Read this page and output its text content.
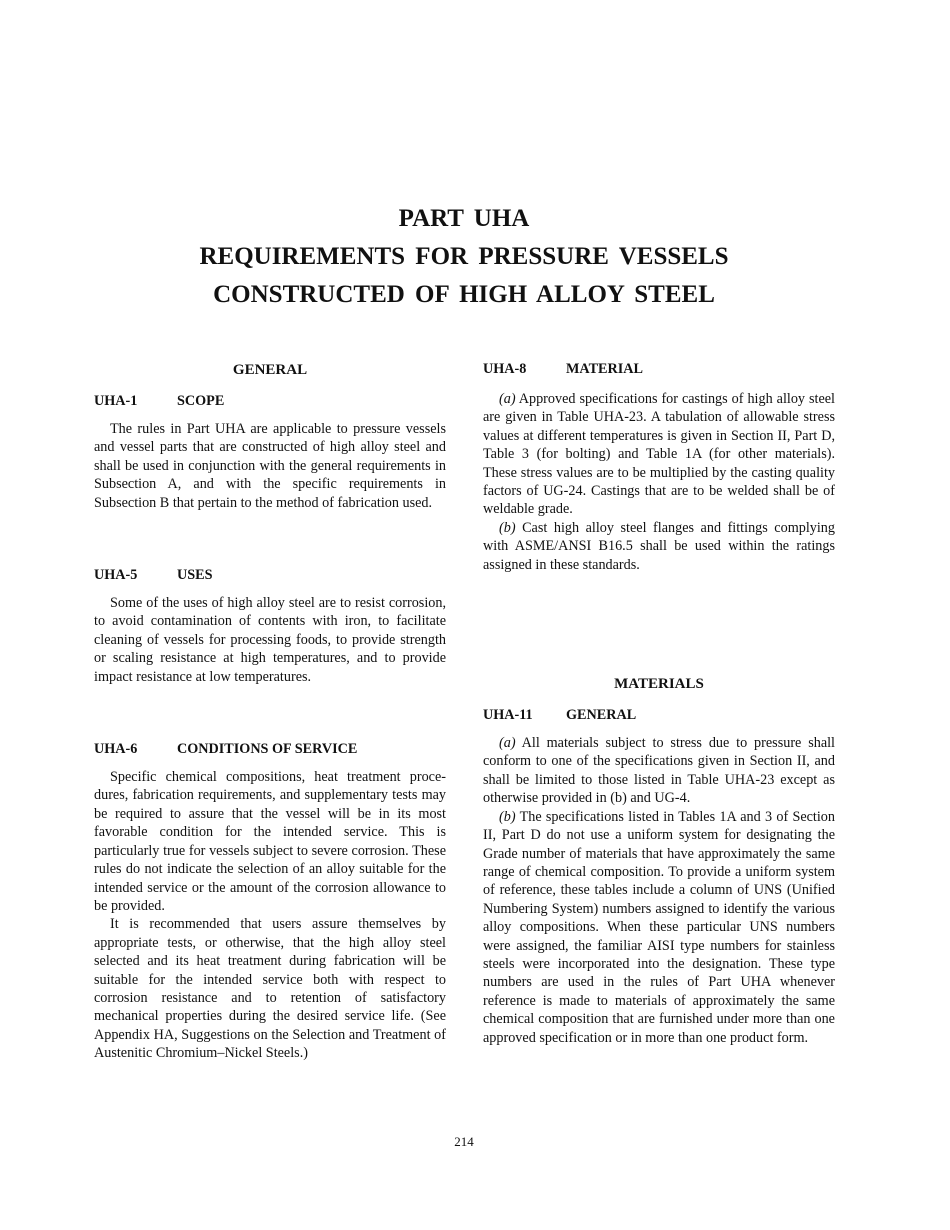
PART UHA
REQUIREMENTS FOR PRESSURE VESSELS
CONSTRUCTED OF HIGH ALLOY STEEL
GENERAL
UHA-1	SCOPE

The rules in Part UHA are applicable to pressure vessels and vessel parts that are constructed of high alloy steel and shall be used in conjunction with the general requirements in Subsection A, and with the specific requirements in Subsection B that pertain to the method of fabrication used.

UHA-5	USES

Some of the uses of high alloy steel are to resist corrosion, to avoid contamination of contents with iron, to facilitate cleaning of vessels for processing foods, to provide strength or scaling resistance at high temperatures, and to provide impact resistance at low temperatures.

UHA-6	CONDITIONS OF SERVICE

Specific chemical compositions, heat treatment procedures, fabrication requirements, and supplementary tests may be required to assure that the vessel will be in its most favorable condition for the intended service. This is particularly true for vessels subject to severe corrosion. These rules do not indicate the selection of an alloy suitable for the intended service or the amount of the corrosion allowance to be provided.

It is recommended that users assure themselves by appropriate tests, or otherwise, that the high alloy steel selected and its heat treatment during fabrication will be suitable for the intended service both with respect to corrosion resistance and to retention of satisfactory mechanical properties during the desired service life. (See Appendix HA, Suggestions on the Selection and Treatment of Austenitic Chromium–Nickel Steels.)

UHA-8	MATERIAL

(a) Approved specifications for castings of high alloy steel are given in Table UHA-23. A tabulation of allowable stress values at different temperatures is given in Section II, Part D, Table 3 (for bolting) and Table 1A (for other materials). These stress values are to be multiplied by the casting quality factors of UG-24. Castings that are to be welded shall be of weldable grade.

(b) Cast high alloy steel flanges and fittings complying with ASME/ANSI B16.5 shall be used within the ratings assigned in these standards.

MATERIALS
UHA-11 GENERAL

(a) All materials subject to stress due to pressure shall conform to one of the specifications given in Section II, and shall be limited to those listed in Table UHA-23 except as otherwise provided in (b) and UG-4.

(b) The specifications listed in Tables 1A and 3 of Section II, Part D do not use a uniform system for designating the Grade number of materials that have approximately the same range of chemical composition. To provide a uniform system of reference, these tables include a column of UNS (Unified Numbering System) numbers assigned to identify the various alloy compositions. When these particular UNS numbers were assigned, the familiar AISI type numbers for stainless steels were incorporated into the designation. These type numbers are used in the rules of Part UHA whenever reference is made to materials of approximately the same chemical composition that are furnished under more than one approved specification or in more than one product form.

214
